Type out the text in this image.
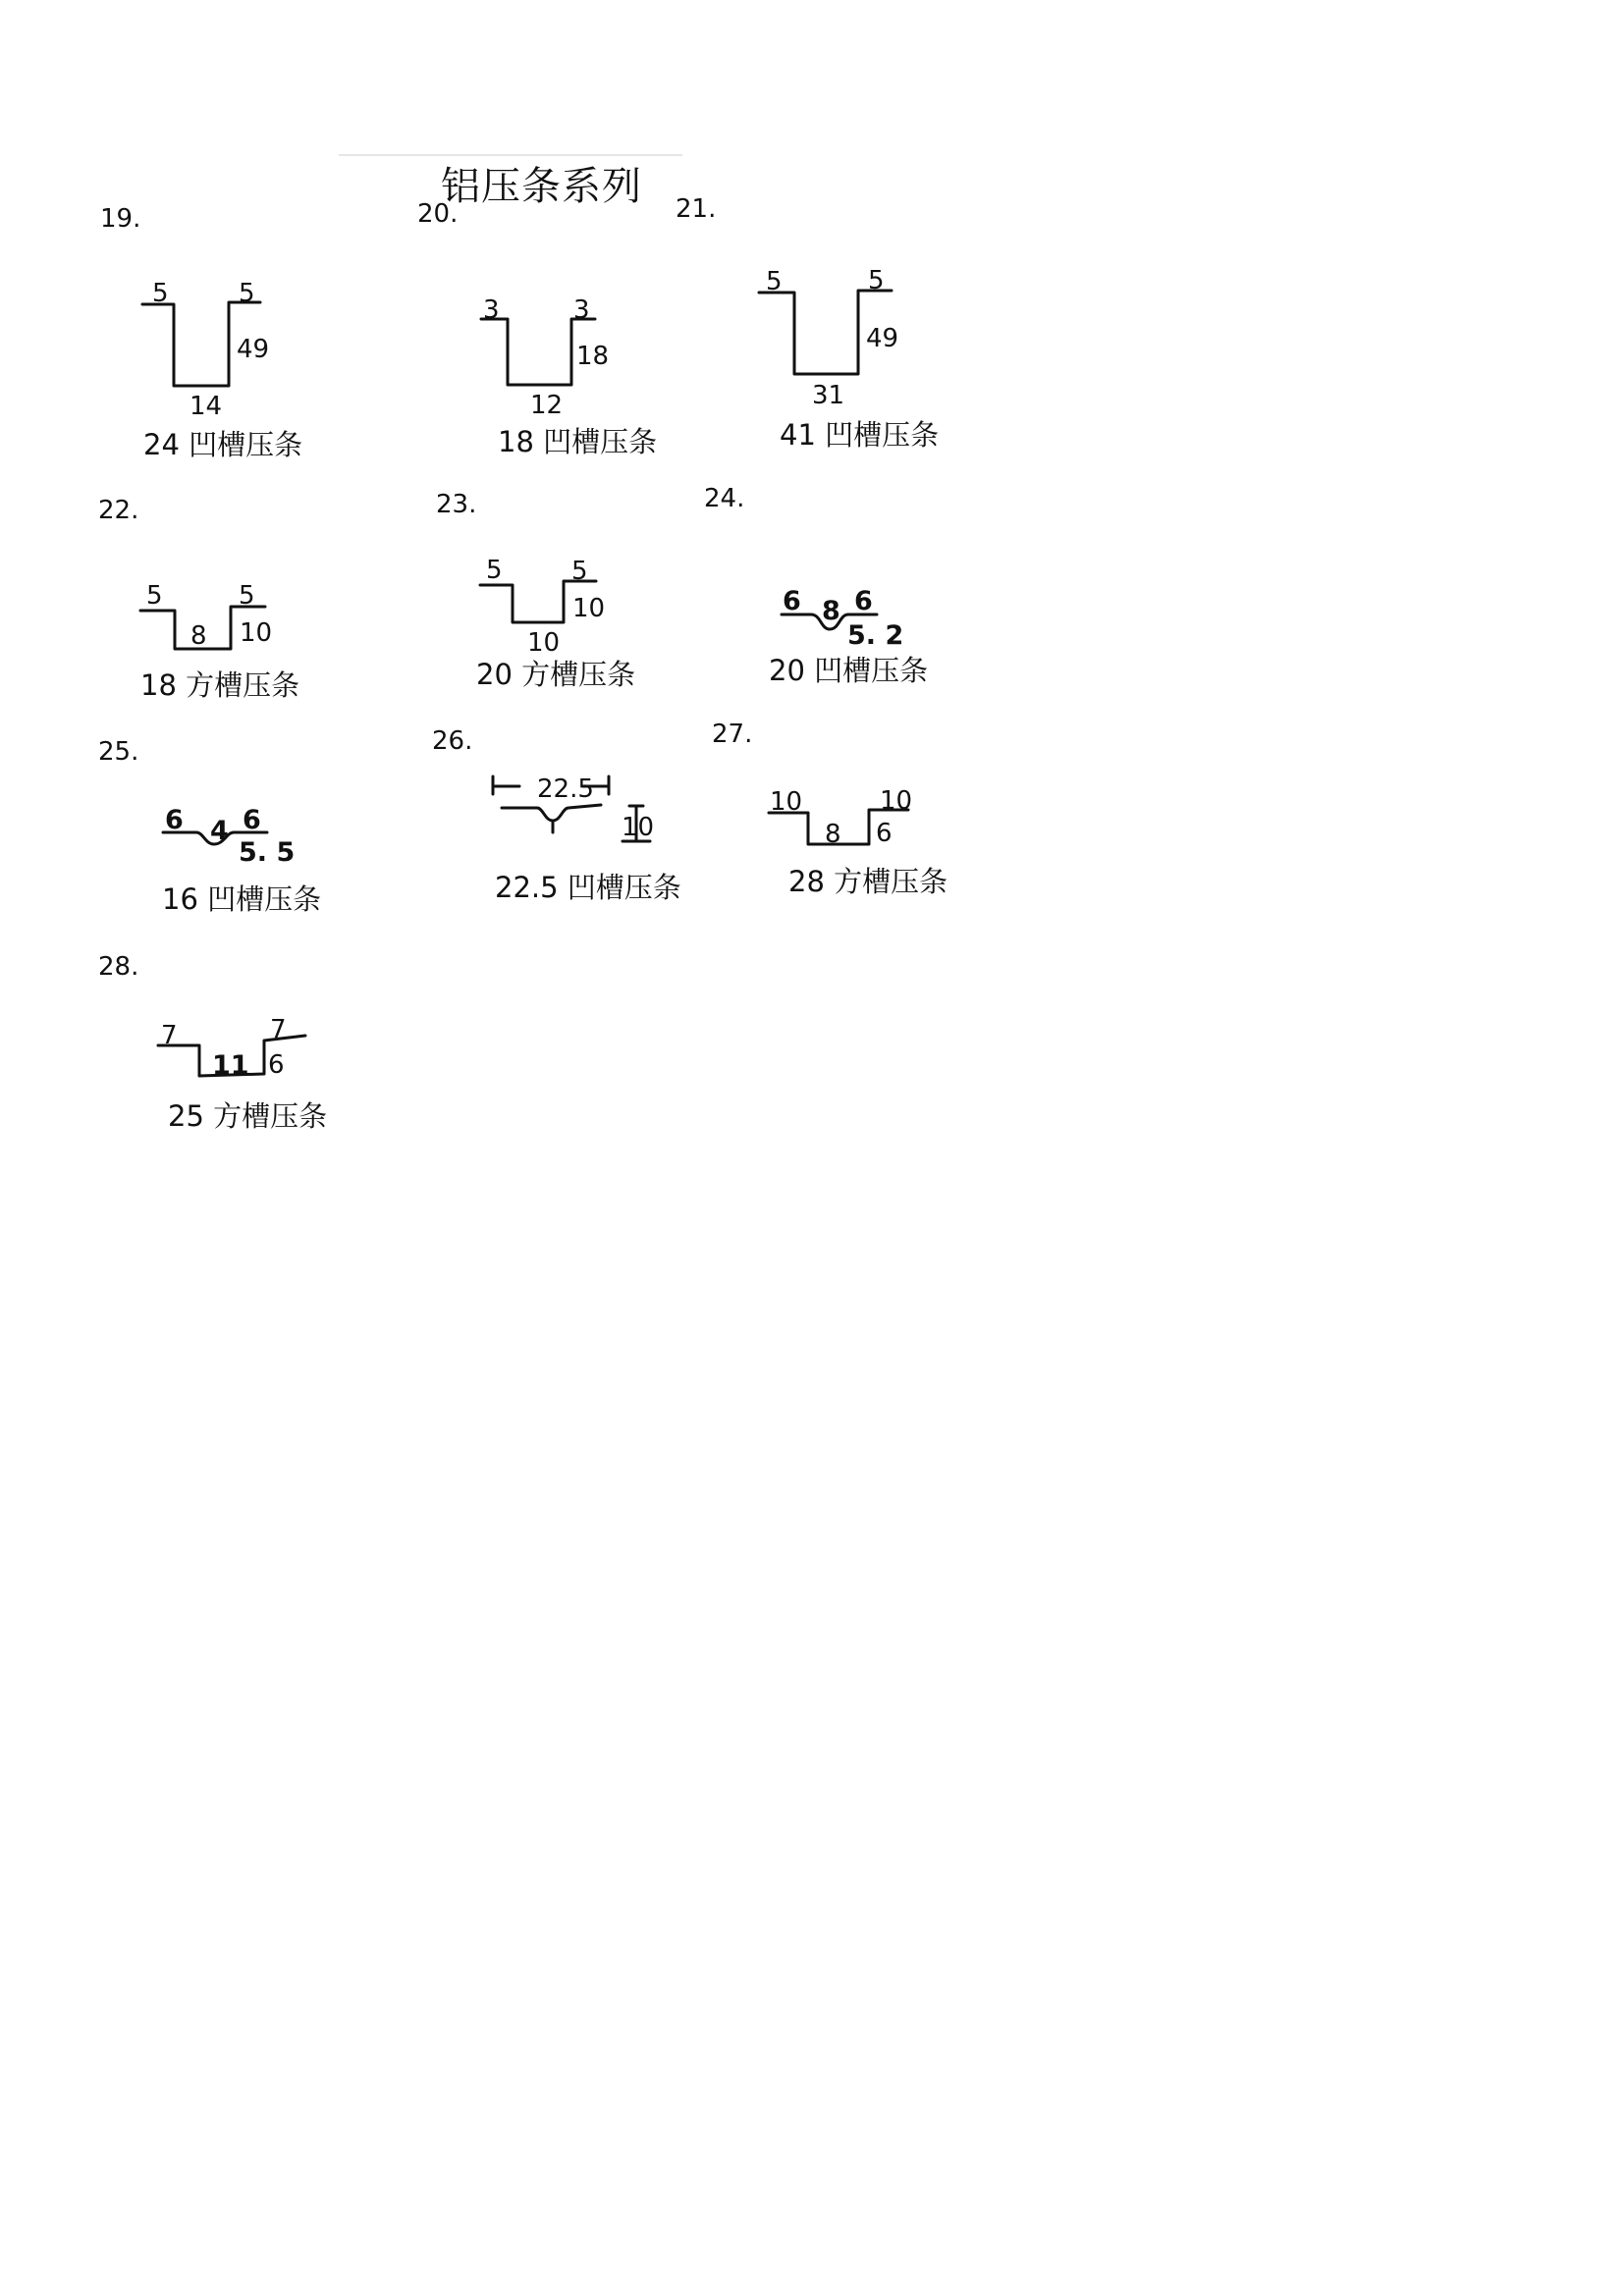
铝压条系列
19.
5	5
49
14
24 凹槽压条
20.
3	3
18
12
18 凹槽压条
21.
5	5
49
31
41 凹槽压条
22.
5	5
10
8
18 方槽压条
23.
5	5
10
10
20 方槽压条
24.
6 8 6
5. 2
20 凹槽压条
25.
6 4 6
5. 5
16 凹槽压条
26.
22.5
10
22.5 凹槽压条
27.
10	10
8 6
28 方槽压条
28.
7	7
11 6
25 方槽压条
